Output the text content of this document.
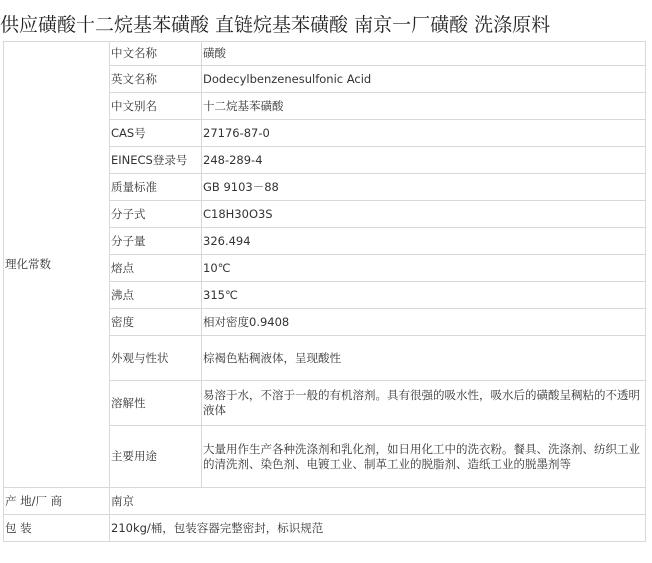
供应磺酸十二烷基苯磺酸 直链烷基苯磺酸 南京一厂磺酸 洗涤原料
理化常数	中文名称	磺酸
	英文名称	Dodecylbenzenesulfonic Acid
	中文别名	十二烷基苯磺酸
	CAS号	27176-87-0
	EINECS登录号	248-289-4
	质量标准	GB 9103－88
	分子式	C18H30O3S
	分子量	326.494
	熔点	10℃
	沸点	315℃
	密度	相对密度0.9408
	外观与性状	棕褐色粘稠液体，呈现酸性
	溶解性	易溶于水，不溶于一般的有机溶剂。具有很强的吸水性，吸水后的磺酸呈稠粘的不透明液体
	主要用途	大量用作生产各种洗涤剂和乳化剂，如日用化工中的洗衣粉。餐具、洗涤剂、纺织工业的清洗剂、染色剂、电镀工业、制革工业的脱脂剂、造纸工业的脱墨剂等
产 地/厂 商	南京	
包 装	210kg/桶，包装容器完整密封，标识规范	
